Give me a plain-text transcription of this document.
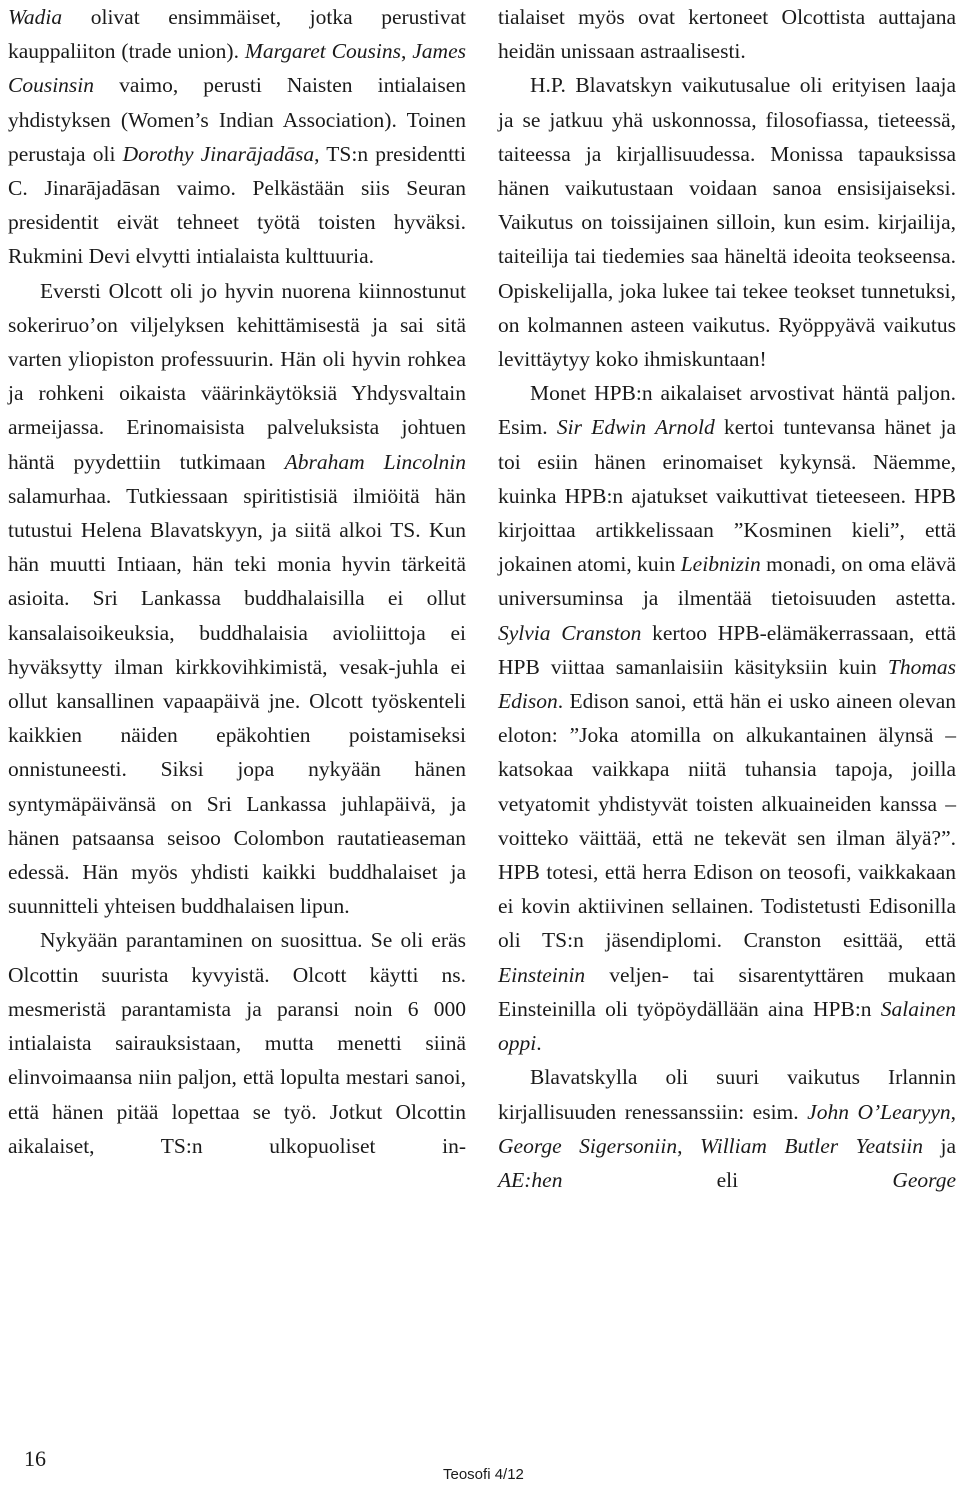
Wadia olivat ensimmäiset, jotka perustivat kauppaliiton (trade union). Margaret Cousins, James Cousinsin vaimo, perusti Naisten intialaisen yhdistyksen (Women’s Indian Association). Toinen perustaja oli Dorothy Jinarājadāsa, TS:n presidentti C. Jinarājadāsan vaimo. Pelkästään siis Seuran presidentit eivät tehneet työtä toisten hyväksi. Rukmini Devi elvytti intialaista kulttuuria.

Eversti Olcott oli jo hyvin nuorena kiinnostunut sokeriruo’on viljelyksen kehittämisestä ja sai sitä varten yliopiston professuurin. Hän oli hyvin rohkea ja rohkeni oikaista väärinkäytöksiä Yhdysvaltain armeijassa. Erinomaisista palveluksista johtuen häntä pyydettiin tutkimaan Abraham Lincolnin salamurhaa. Tutkiessaan spiritistisiä ilmiöitä hän tutustui Helena Blavatskyyn, ja siitä alkoi TS. Kun hän muutti Intiaan, hän teki monia hyvin tärkeitä asioita. Sri Lankassa buddhalaisilla ei ollut kansalaisoikeuksia, buddhalaisia avioliittoja ei hyväksytty ilman kirkkovihkimistä, vesak-juhla ei ollut kansallinen vapaapäivä jne. Olcott työskenteli kaikkien näiden epäkohtien poistamiseksi onnistuneesti. Siksi jopa nykyään hänen syntymäpäivänsä on Sri Lankassa juhlapäivä, ja hänen patsaansa seisoo Colombon rautatieaseman edessä. Hän myös yhdisti kaikki buddhalaiset ja suunnitteli yhteisen buddhalaisen lipun.

Nykyään parantaminen on suosittua. Se oli eräs Olcottin suurista kyvyistä. Olcott käytti ns. mesmeristä parantamista ja paransi noin 6 000 intialaista sairauksistaan, mutta menetti siinä elinvoimaansa niin paljon, että lopulta mestari sanoi, että hänen pitää lopettaa se työ. Jotkut Olcottin aikalaiset, TS:n ulkopuoliset in-

tialaiset myös ovat kertoneet Olcottista auttajana heidän unissaan astraalisesti.

H.P. Blavatskyn vaikutusalue oli erityisen laaja ja se jatkuu yhä uskonnossa, filosofiassa, tieteessä, taiteessa ja kirjallisuudessa. Monissa tapauksissa hänen vaikutustaan voidaan sanoa ensisijaiseksi. Vaikutus on toissijainen silloin, kun esim. kirjailija, taiteilija tai tiedemies saa häneltä ideoita teokseensa. Opiskelijalla, joka lukee tai tekee teokset tunnetuksi, on kolmannen asteen vaikutus. Ryöppyävä vaikutus levittäytyy koko ihmiskuntaan!

Monet HPB:n aikalaiset arvostivat häntä paljon. Esim. Sir Edwin Arnold kertoi tuntevansa hänet ja toi esiin hänen erinomaiset kykynsä. Näemme, kuinka HPB:n ajatukset vaikuttivat tieteeseen. HPB kirjoittaa artikkelissaan ”Kosminen kieli”, että jokainen atomi, kuin Leibnizin monadi, on oma elävä universuminsa ja ilmentää tietoisuuden astetta. Sylvia Cranston kertoo HPB-elämäkerrassaan, että HPB viittaa samanlaisiin käsityksiin kuin Thomas Edison. Edison sanoi, että hän ei usko aineen olevan eloton: ”Joka atomilla on alkukantainen älynsä – katsokaa vaikkapa niitä tuhansia tapoja, joilla vetyatomit yhdistyvät toisten alkuaineiden kanssa – voitteko väittää, että ne tekevät sen ilman älyä?”. HPB totesi, että herra Edison on teosofi, vaikkakaan ei kovin aktiivinen sellainen. Todistetusti Edisonilla oli TS:n jäsendiplomi. Cranston esittää, että Einsteinin veljen- tai sisarentyttären mukaan Einsteinilla oli työpöydällään aina HPB:n Salainen oppi.

Blavatskylla oli suuri vaikutus Irlannin kirjallisuuden renessanssiin: esim. John O’Learyyn, George Sigersoniin, William Butler Yeatsiin ja AE:hen eli George

16
Teosofi 4/12
